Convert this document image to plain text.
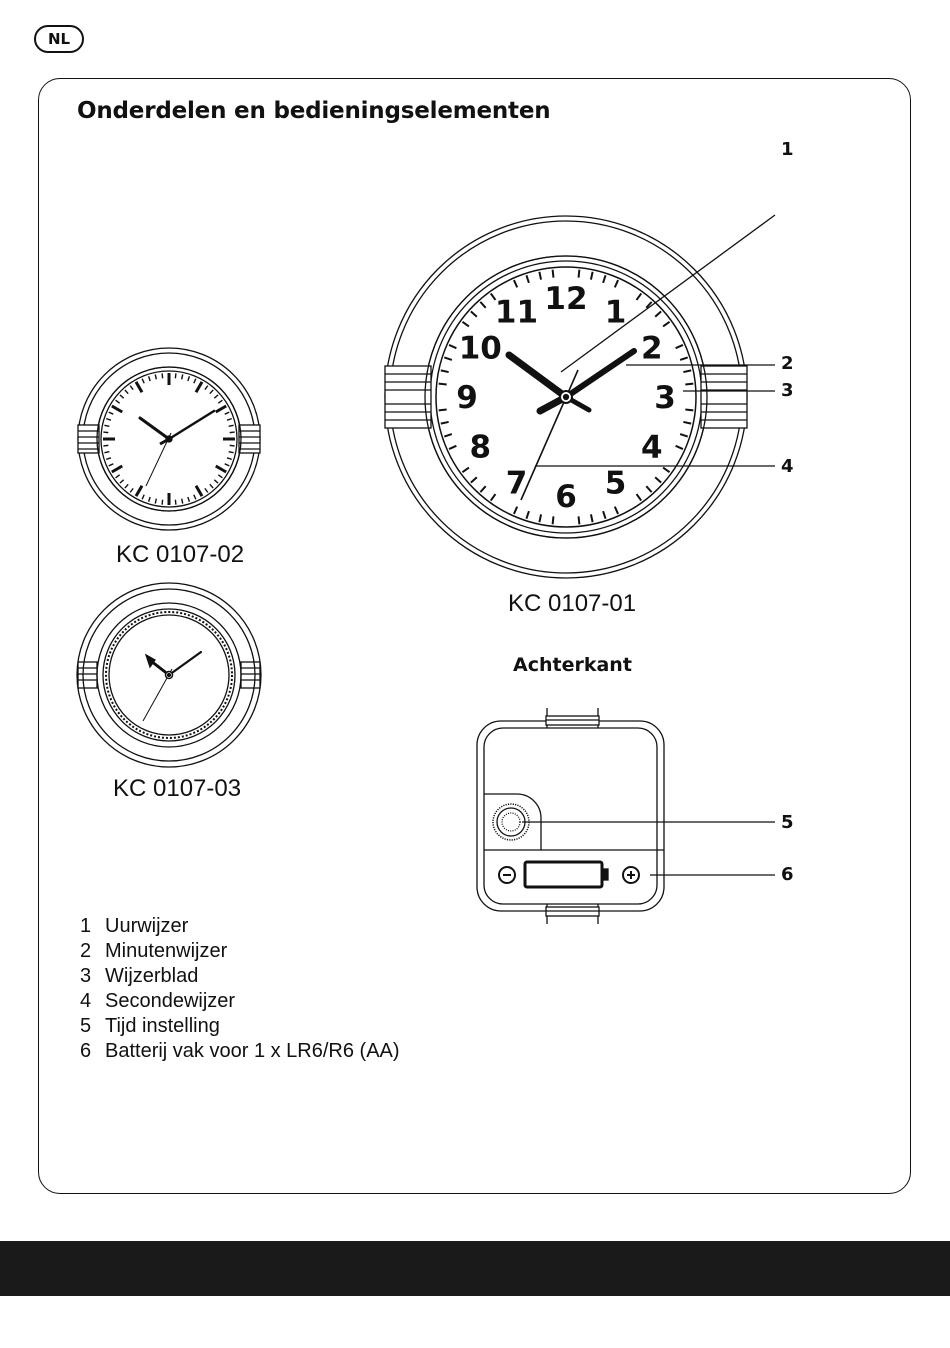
NL
Onderdelen en bedieningselementen
1
2
3
4
5
6
12 1
2
3
4
5
6
7
8
9
10
11
KC 0107-02
KC 0107-03
KC 0107-01
Achterkant
1 Uurwijzer
2 Minutenwijzer
3 Wijzerblad
4 Secondewijzer
5 Tijd instelling
6 Batterij vak voor 1 x LR6/R6 (AA)
